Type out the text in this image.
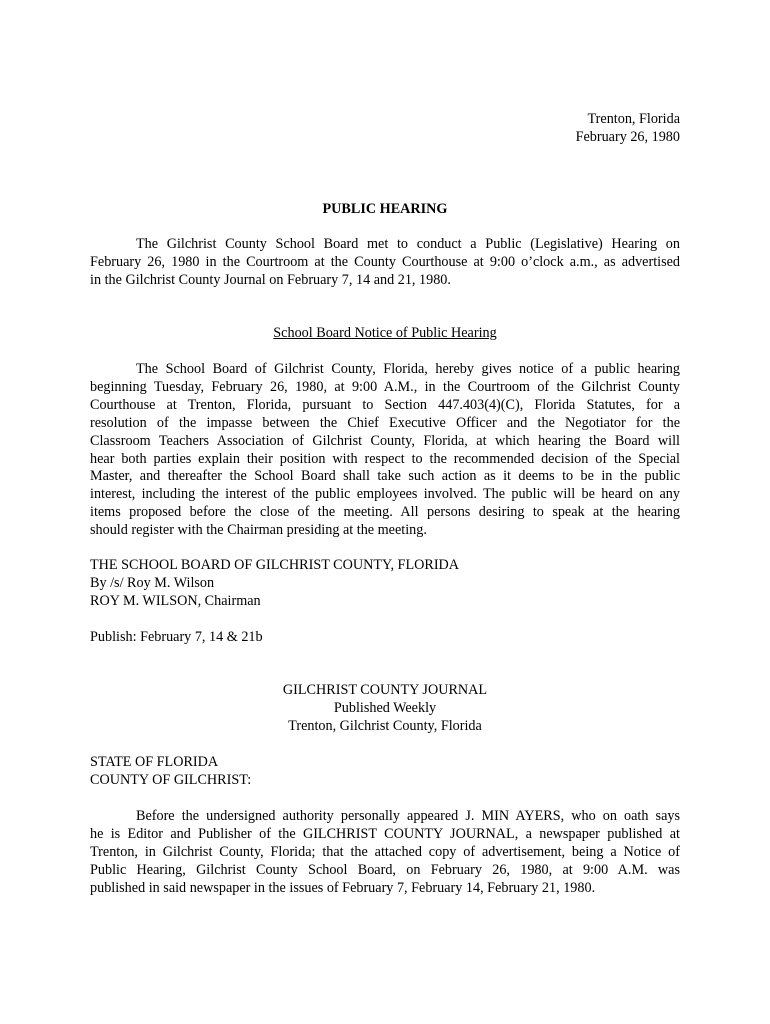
Trenton, Florida
February 26, 1980
PUBLIC HEARING
The Gilchrist County School Board met to conduct a Public (Legislative) Hearing on
February 26, 1980 in the Courtroom at the County Courthouse at 9:00 o’clock a.m., as advertised
in the Gilchrist County Journal on February 7, 14 and 21, 1980.
School Board Notice of Public Hearing
The School Board of Gilchrist County, Florida, hereby gives notice of a public hearing
beginning Tuesday, February 26, 1980, at 9:00 A.M., in the Courtroom of the Gilchrist County
Courthouse at Trenton, Florida, pursuant to Section 447.403(4)(C), Florida Statutes, for a
resolution of the impasse between the Chief Executive Officer and the Negotiator for the
Classroom Teachers Association of Gilchrist County, Florida, at which hearing the Board will
hear both parties explain their position with respect to the recommended decision of the Special
Master, and thereafter the School Board shall take such action as it deems to be in the public
interest, including the interest of the public employees involved. The public will be heard on any
items proposed before the close of the meeting. All persons desiring to speak at the hearing
should register with the Chairman presiding at the meeting.
THE SCHOOL BOARD OF GILCHRIST COUNTY, FLORIDA
By /s/ Roy M. Wilson
ROY M. WILSON, Chairman
Publish: February 7, 14 & 21b
GILCHRIST COUNTY JOURNAL
Published Weekly
Trenton, Gilchrist County, Florida
STATE OF FLORIDA
COUNTY OF GILCHRIST:
Before the undersigned authority personally appeared J. MIN AYERS, who on oath says
he is Editor and Publisher of the GILCHRIST COUNTY JOURNAL, a newspaper published at
Trenton, in Gilchrist County, Florida; that the attached copy of advertisement, being a Notice of
Public Hearing, Gilchrist County School Board, on February 26, 1980, at 9:00 A.M. was
published in said newspaper in the issues of February 7, February 14, February 21, 1980.
